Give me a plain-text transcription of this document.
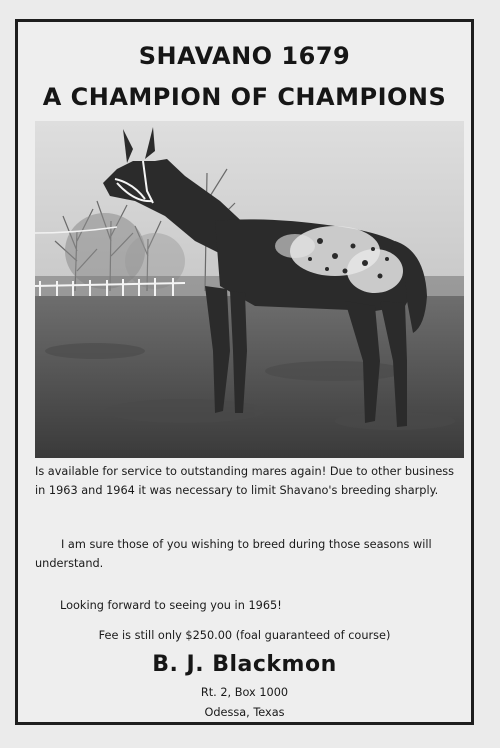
SHAVANO 1679
A CHAMPION OF CHAMPIONS
Is available for service to outstanding mares again! Due to other business in 1963 and 1964 it was necessary to limit Shavano's breeding sharply.
I am sure those of you wishing to breed during those seasons will understand.
Looking forward to seeing you in 1965!
Fee is still only $250.00 (foal guaranteed of course)
B. J. Blackmon
Rt. 2, Box 1000
Odessa, Texas
